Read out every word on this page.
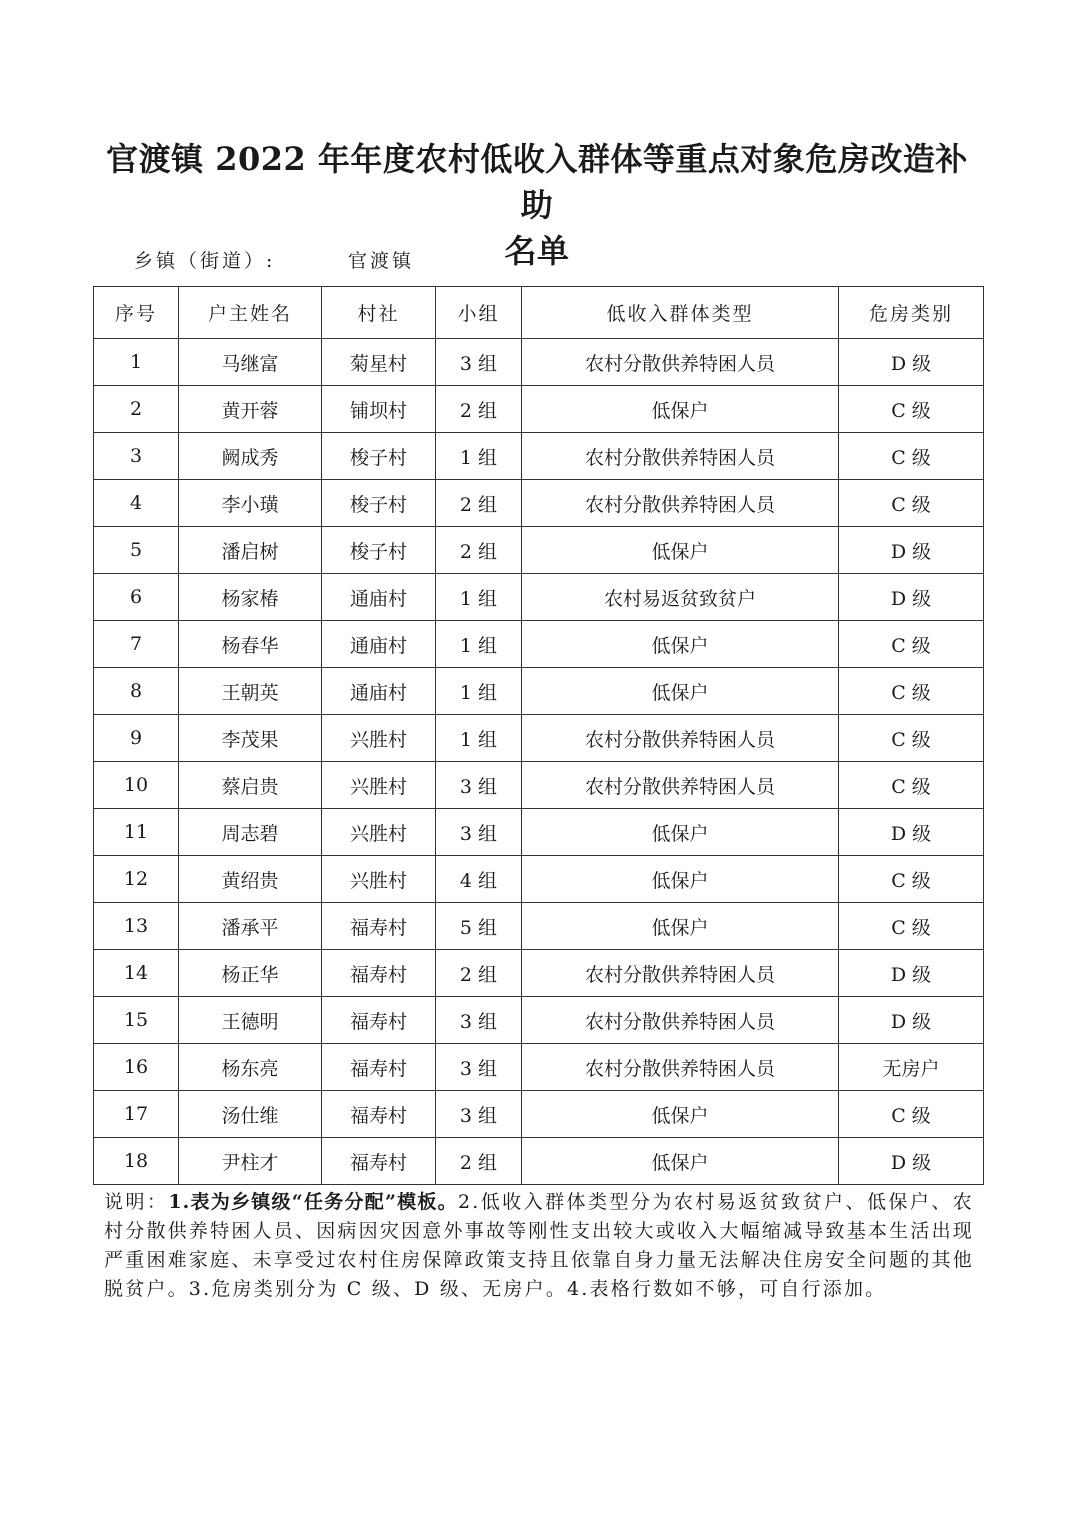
官渡镇 2022 年年度农村低收入群体等重点对象危房改造补助
名单
乡镇（街道）:	官渡镇
序号	户主姓名	村社	小组	低收入群体类型	危房类别
1	马继富	菊星村	3 组	农村分散供养特困人员	D 级
2	黄开蓉	铺坝村	2 组	低保户	C 级
3	阙成秀	梭子村	1 组	农村分散供养特困人员	C 级
4	李小璜	梭子村	2 组	农村分散供养特困人员	C 级
5	潘启树	梭子村	2 组	低保户	D 级
6	杨家椿	通庙村	1 组	农村易返贫致贫户	D 级
7	杨春华	通庙村	1 组	低保户	C 级
8	王朝英	通庙村	1 组	低保户	C 级
9	李茂果	兴胜村	1 组	农村分散供养特困人员	C 级
10	蔡启贵	兴胜村	3 组	农村分散供养特困人员	C 级
11	周志碧	兴胜村	3 组	低保户	D 级
12	黄绍贵	兴胜村	4 组	低保户	C 级
13	潘承平	福寿村	5 组	低保户	C 级
14	杨正华	福寿村	2 组	农村分散供养特困人员	D 级
15	王德明	福寿村	3 组	农村分散供养特困人员	D 级
16	杨东亮	福寿村	3 组	农村分散供养特困人员	无房户
17	汤仕维	福寿村	3 组	低保户	C 级
18	尹柱才	福寿村	2 组	低保户	D 级
说明：1.表为乡镇级“任务分配”模板。2.低收入群体类型分为农村易返贫致贫户、低保户、农村分散供养特困人员、因病因灾因意外事故等刚性支出较大或收入大幅缩减导致基本生活出现严重困难家庭、未享受过农村住房保障政策支持且依靠自身力量无法解决住房安全问题的其他脱贫户。3.危房类别分为 C 级、D 级、无房户。4.表格行数如不够，可自行添加。
